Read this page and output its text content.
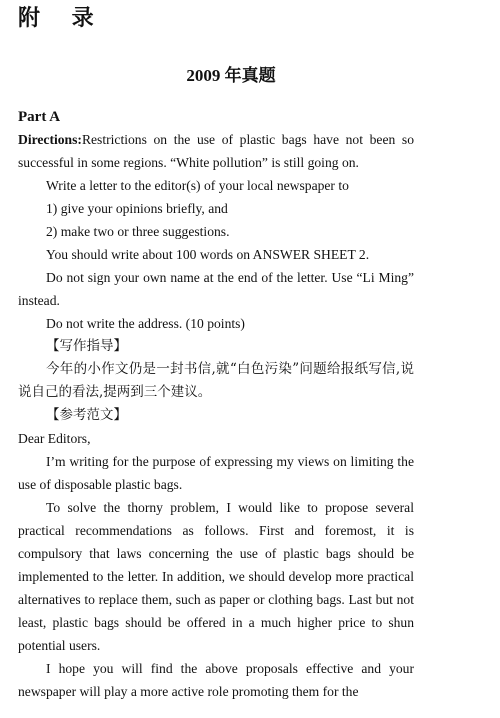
附 录
2009 年真题
Part A

Directions:Restrictions on the use of plastic bags have not been so successful in some regions. “White pollution” is still going on.

Write a letter to the editor(s) of your local newspaper to

1) give your opinions briefly, and

2) make two or three suggestions.

You should write about 100 words on ANSWER SHEET 2.

Do not sign your own name at the end of the letter. Use “Li Ming” instead.

Do not write the address. (10 points)

【写作指导】

今年的小作文仍是一封书信,就“白色污染”问题给报纸写信,说说自己的看法,提两到三个建议。

【参考范文】

Dear Editors,

I’m writing for the purpose of expressing my views on limiting the use of disposable plastic bags.

To solve the thorny problem, I would like to propose several practical recommendations as follows. First and foremost, it is compulsory that laws concerning the use of plastic bags should be implemented to the letter. In addition, we should develop more practical alternatives to replace them, such as paper or clothing bags. Last but not least, plastic bags should be offered in a much higher price to shun potential users.

I hope you will find the above proposals effective and your newspaper will play a more active role promoting them for the
